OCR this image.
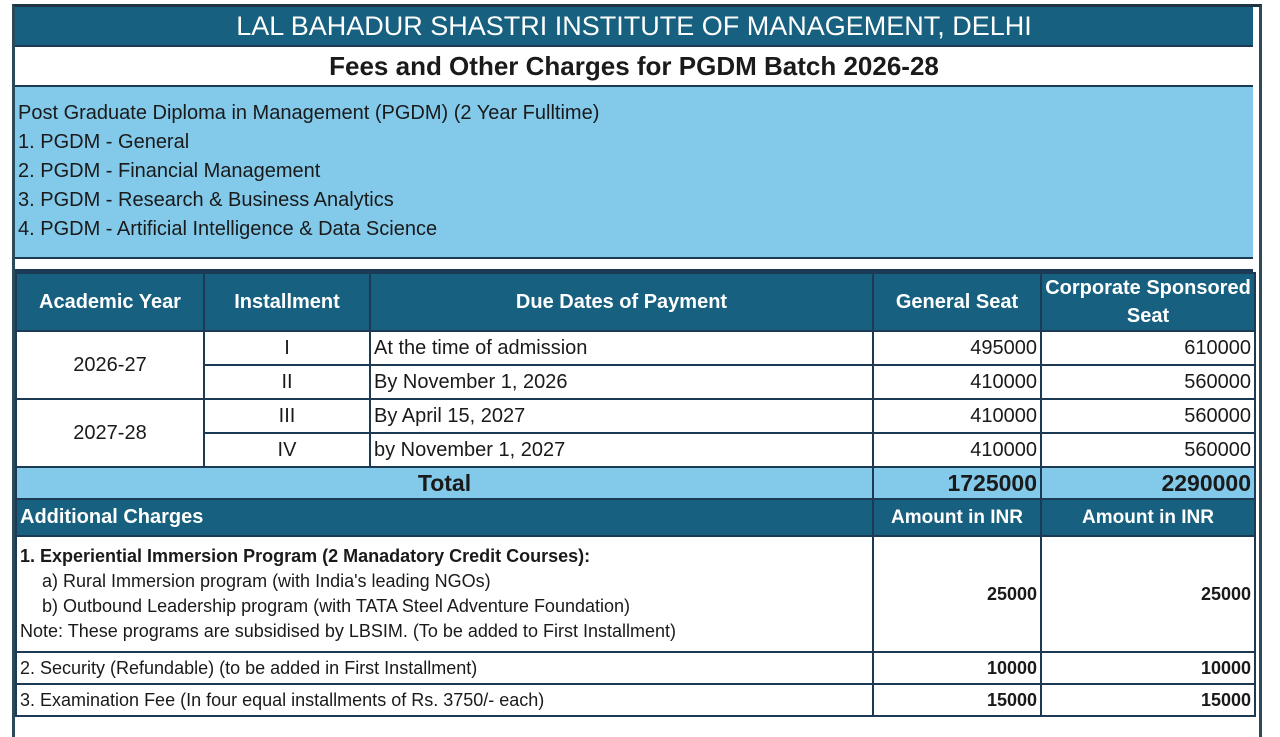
LAL BAHADUR SHASTRI INSTITUTE OF MANAGEMENT, DELHI
Fees and Other Charges for PGDM Batch 2026-28
Post Graduate Diploma in Management (PGDM) (2 Year Fulltime)
1. PGDM - General
2. PGDM - Financial Management
3. PGDM - Research & Business Analytics
4. PGDM - Artificial Intelligence & Data Science
Academic Year	Installment	Due Dates of Payment	General Seat	Corporate Sponsored Seat
2026-27	I	At the time of admission	495000	610000
	II	By November 1, 2026	410000	560000
2027-28	III	By April 15, 2027	410000	560000
	IV	by November 1, 2027	410000	560000
Total			1725000	2290000
Additional Charges			Amount in INR	Amount in INR

1. Experiential Immersion Program (2 Manadatory Credit Courses):
a) Rural Immersion program (with India's leading NGOs)
b) Outbound Leadership program (with TATA Steel Adventure Foundation)
Note: These programs are subsidised by LBSIM. (To be added to First Installment)			25000	25000
2. Security (Refundable) (to be added in First Installment)			10000	10000
3. Examination Fee (In four equal installments of Rs. 3750/- each)			15000	15000
